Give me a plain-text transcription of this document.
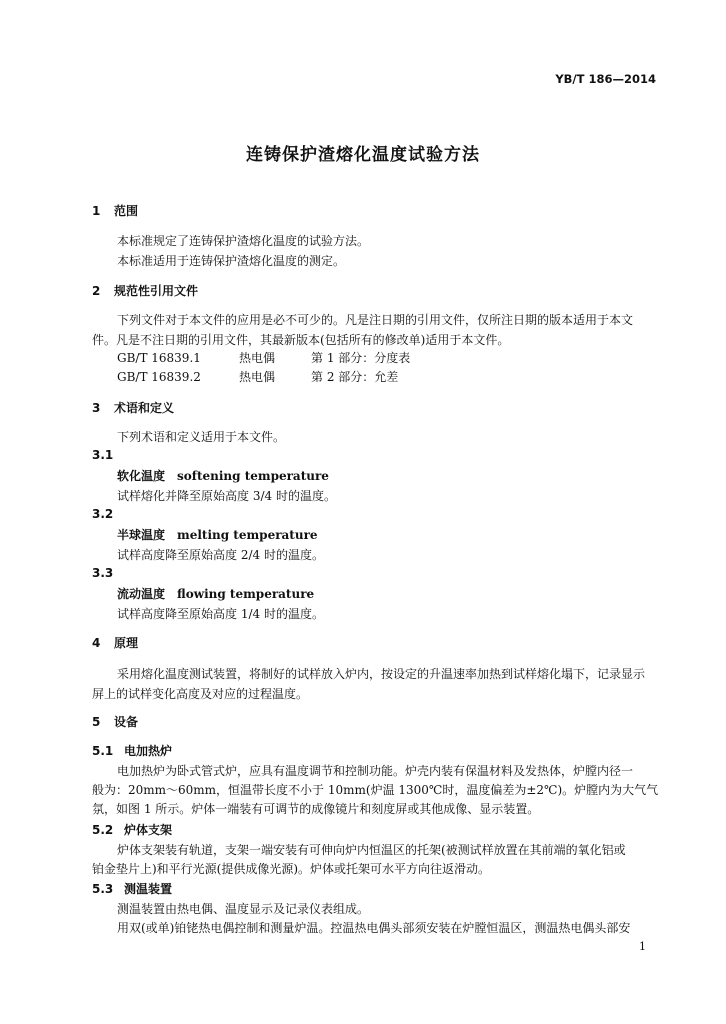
YB/T 186—2014
连铸保护渣熔化温度试验方法
1 范围
本标准规定了连铸保护渣熔化温度的试验方法。
本标准适用于连铸保护渣熔化温度的测定。
2 规范性引用文件
下列文件对于本文件的应用是必不可少的。凡是注日期的引用文件，仅所注日期的版本适用于本文
件。凡是不注日期的引用文件，其最新版本(包括所有的修改单)适用于本文件。
GB/T 16839.1	热电偶	第 1 部分：分度表
GB/T 16839.2	热电偶	第 2 部分：允差
3 术语和定义
下列术语和定义适用于本文件。
3.1
软化温度 softening temperature
试样熔化并降至原始高度 3/4 时的温度。
3.2
半球温度 melting temperature
试样高度降至原始高度 2/4 时的温度。
3.3
流动温度 flowing temperature
试样高度降至原始高度 1/4 时的温度。
4 原理
采用熔化温度测试装置，将制好的试样放入炉内，按设定的升温速率加热到试样熔化塌下，记录显示
屏上的试样变化高度及对应的过程温度。
5 设备
5.1 电加热炉
电加热炉为卧式管式炉，应具有温度调节和控制功能。炉壳内装有保温材料及发热体，炉膛内径一
般为：20mm～60mm，恒温带长度不小于 10mm(炉温 1300℃时，温度偏差为±2℃)。炉膛内为大气气
氛，如图 1 所示。炉体一端装有可调节的成像镜片和刻度屏或其他成像、显示装置。
5.2 炉体支架
炉体支架装有轨道，支架一端安装有可伸向炉内恒温区的托架(被测试样放置在其前端的氧化铝或
铂金垫片上)和平行光源(提供成像光源)。炉体或托架可水平方向往返滑动。
5.3 测温装置
测温装置由热电偶、温度显示及记录仪表组成。
用双(或单)铂铑热电偶控制和测量炉温。控温热电偶头部须安装在炉膛恒温区，测温热电偶头部安
1
